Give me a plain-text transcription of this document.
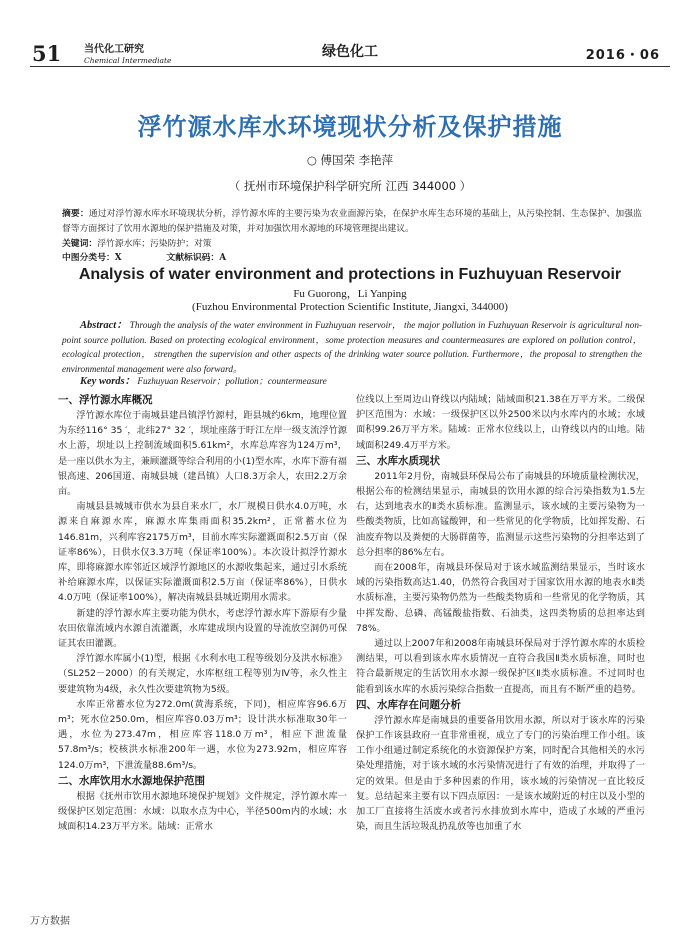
51 当代化工研究
Chemical Intermediate
绿色化工	2016・06
浮竹源水库水环境现状分析及保护措施
○ 傅国荣 李艳萍
（ 抚州市环境保护科学研究所 江西 344000 ）
摘要：通过对浮竹源水库水环境现状分析，浮竹源水库的主要污染为农业面源污染，在保护水库生态环境的基础上，从污染控制、生态保护、加强监督等方面探讨了饮用水源地的保护措施及对策，并对加强饮用水源地的环境管理提出建议。
关键词：浮竹源水库；污染防护；对策
中图分类号：X	文献标识码：A
Analysis of water environment and protections in Fuzhuyuan Reservoir
Fu Guorong，Li Yanping
(Fuzhou Environmental Protection Scientific Institute, Jiangxi, 344000)
Abstract： Through the analysis of the water environment in Fuzhuyuan reservoir， the major pollution in Fuzhuyuan Reservoir is agricultural non-point source pollution. Based on protecting ecological environment，some protection measures and countermeasures are explored on pollution control，ecological protection， strengthen the supervision and other aspects of the drinking water source pollution. Furthermore，the proposal to strengthen the environmental management were also forward。
Key words： Fuzhuyuan Reservoir；pollution；countermeasure
一、浮竹源水库概况

浮竹源水库位于南城县建昌镇浮竹源村，距县城约6km，地理位置为东经116° 35 ′，北纬27° 32 ′，坝址座落于盱江左岸一级支流浮竹源水上游，坝址以上控制流域面积5.61km²，水库总库容为124万m³，是一座以供水为主，兼顾灌溉等综合利用的小(1)型水库，水库下游有福银高速、206国道、南城县城（建昌镇）人口8.3万余人，农田2.2万余亩。

南城县县城城市供水为县自来水厂，水厂规模日供水4.0万吨，水源来自麻源水库，麻源水库集雨面积35.2km²，正常蓄水位为146.81m，兴利库容2175万m³，目前水库实际灌溉面积2.5万亩（保证率86%），日供水仅3.3万吨（保证率100%）。本次设计拟浮竹源水库，即将麻源水库邻近区域浮竹源地区的水源收集起来，通过引水系统补给麻源水库，以保证实际灌溉面积2.5万亩（保证率86%），日供水4.0万吨（保证率100%），解决南城县县城近期用水需求。

新建的浮竹源水库主要功能为供水，考虑浮竹源水库下游原有少量农田依靠流域内水源自流灌溉，水库建成坝内设置的导流放空洞仍可保证其农田灌溉。

浮竹源水库属小(1)型，根据《水利水电工程等级划分及洪水标准》（SL252－2000）的有关规定，水库枢纽工程等别为Ⅳ等，永久性主要建筑物为4级，永久性次要建筑物为5级。

水库正常蓄水位为272.0m(黄海系统，下同)，相应库容96.6万m³；死水位250.0m，相应库容0.03万m³；设计洪水标准取30年一遇，水位为273.47m，相应库容118.0万m³，相应下泄流量57.8m³/s；校核洪水标准200年一遇，水位为273.92m，相应库容124.0万m³，下泄流量88.6m³/s。

二、水库饮用水水源地保护范围

根据《抚州市饮用水源地环境保护规划》文件规定，浮竹源水库一级保护区划定范围：水域：以取水点为中心，半径500m内的水域；水域面积14.23万平方米。陆域：正常水

位线以上至周边山脊线以内陆域；陆域面积21.38在万平方米。二级保护区范围为：水域：一级保护区以外2500米以内水库内的水域；水域面积99.26万平方米。陆域：正常水位线以上，山脊线以内的山地。陆域面积249.4万平方米。

三、水库水质现状

2011年2月份，南城县环保局公布了南城县的环境质量检测状况，根据公布的检测结果显示，南城县的饮用水源的综合污染指数为1.5左右，达到地表水的Ⅱ类水质标准。监测显示，该水域的主要污染物为一些酸类物质，比如高锰酸钾，和一些常见的化学物质，比如挥发酚、石油废弃物以及粪便的大肠群菌等，监测显示这些污染物的分担率达到了总分担率的86%左右。

而在2008年，南城县环保局对于该水域监测结果显示，当时该水域的污染指数高达1.40，仍然符合我国对于国家饮用水源的地表水Ⅱ类水质标准，主要污染物仍然为一些酸类物质和一些常见的化学物质，其中挥发酚、总磷、高锰酸盐指数、石油类，这四类物质的总担率达到78%。

通过以上2007年和2008年南城县环保局对于浮竹源水库的水质检测结果，可以看到该水库水质情况一直符合我国Ⅱ类水质标准，同时也符合最新规定的生活饮用水水源一级保护区Ⅱ类水质标准。不过同时也能看到该水库的水质污染综合指数一直提高，而且有不断严重的趋势。

四、水库存在问题分析

浮竹源水库是南城县的重要备用饮用水源，所以对于该水库的污染保护工作该县政府一直非常重视，成立了专门的污染治理工作小组。该工作小组通过制定系统化的水资源保护方案，同时配合其他相关的水污染处理措施，对于该水域的水污染情况进行了有效的治理，并取得了一定的效果。但是由于多种因素的作用，该水域的污染情况一直比较反复。总结起来主要有以下四点原因：一是该水域附近的村庄以及小型的加工厂直接将生活废水或者污水排放到水库中，造成了水域的严重污染，而且生活垃圾乱扔乱放等也加重了水

万方数据
